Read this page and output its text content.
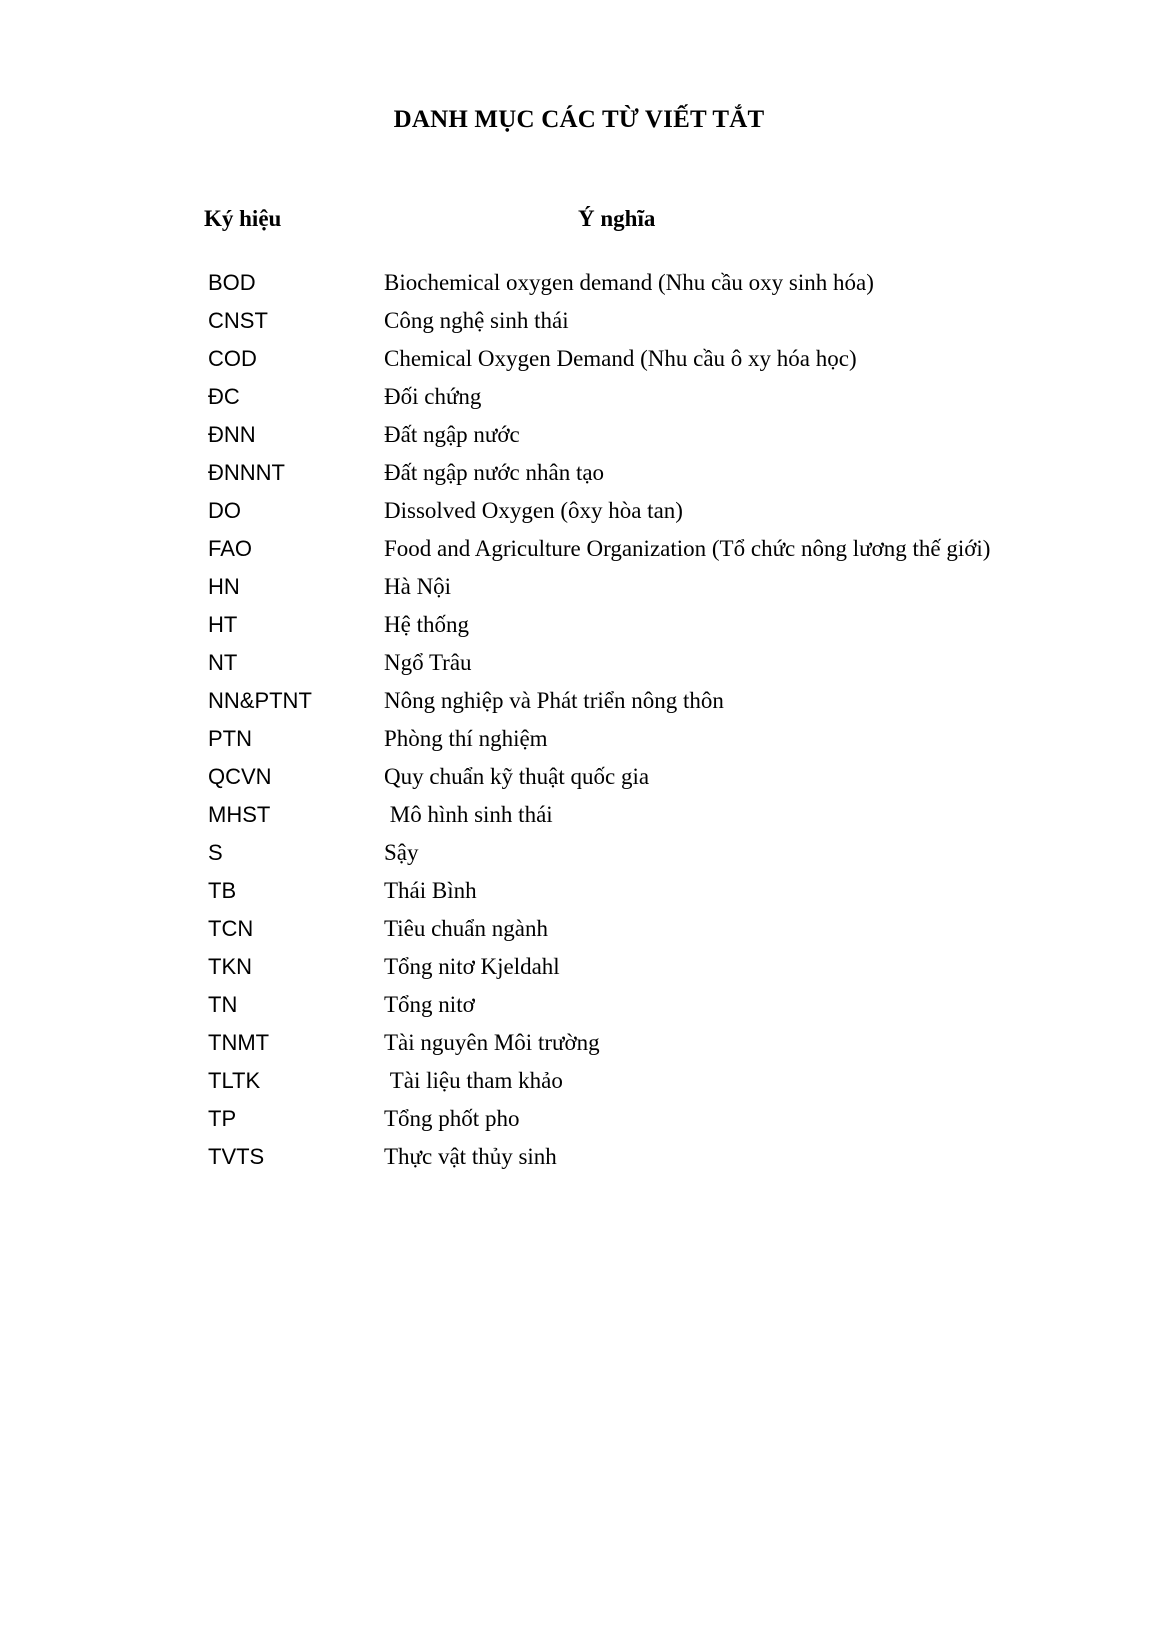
DANH MỤC CÁC TỪ VIẾT TẮT
Ký hiệu	Ý nghĩa
BOD	Biochemical oxygen demand (Nhu cầu oxy sinh hóa)
CNST	Công nghệ sinh thái
COD	Chemical Oxygen Demand (Nhu cầu ô xy hóa học)
ĐC	Đối chứng
ĐNN	Đất ngập nước
ĐNNNT	Đất ngập nước nhân tạo
DO	Dissolved Oxygen (ôxy hòa tan)
FAO	Food and Agriculture Organization (Tổ chức nông lương thế giới)
HN	Hà Nội
HT	Hệ thống
NT	Ngổ Trâu
NN&PTNT	Nông nghiệp và Phát triển nông thôn
PTN	Phòng thí nghiệm
QCVN	Quy chuẩn kỹ thuật quốc gia
MHST	Mô hình sinh thái
S	Sậy
TB	Thái Bình
TCN	Tiêu chuẩn ngành
TKN	Tổng nitơ Kjeldahl
TN	Tổng nitơ
TNMT	Tài nguyên Môi trường
TLTK	Tài liệu tham khảo
TP	Tổng phốt pho
TVTS	Thực vật thủy sinh
